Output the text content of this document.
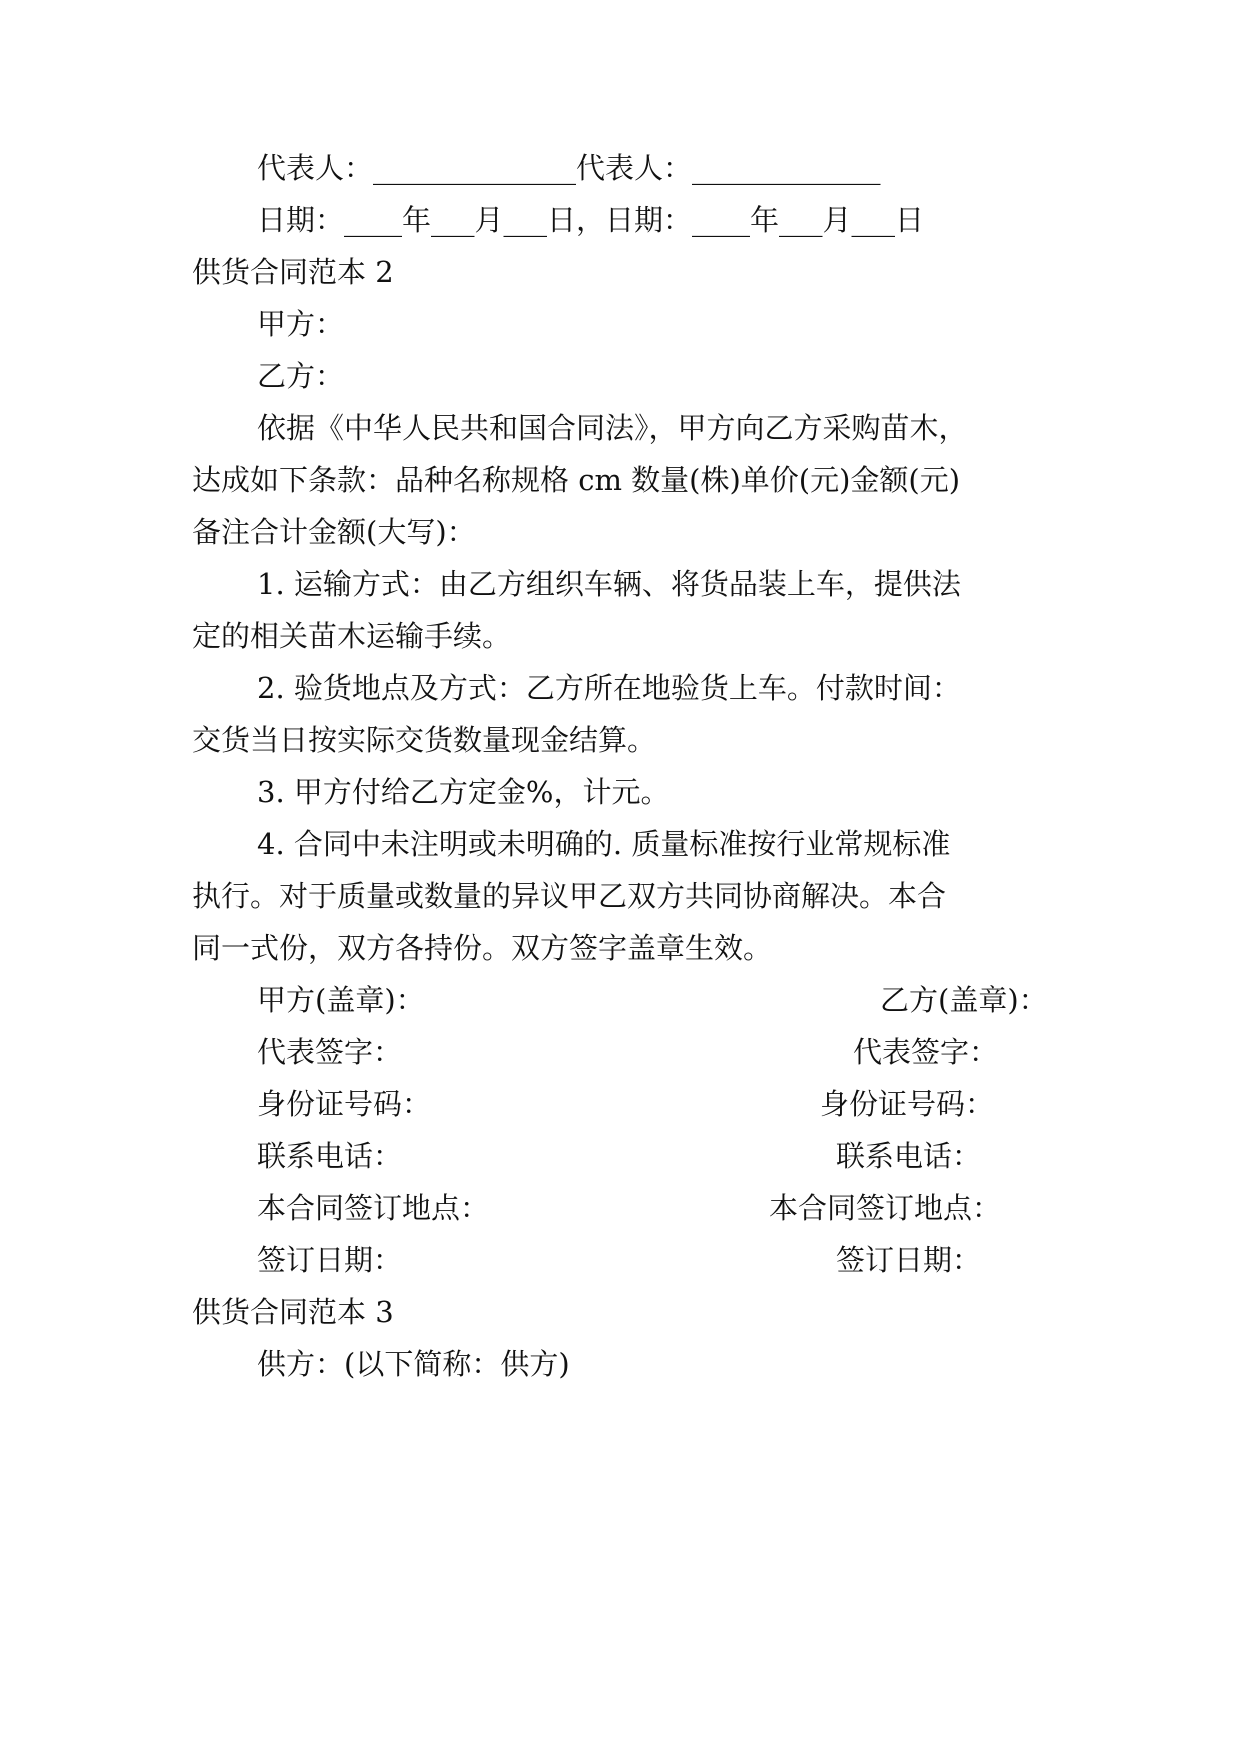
代表人：______________代表人：_____________
日期：____年___月___日，日期：____年___月___日
供货合同范本 2
甲方：
乙方：
依据《中华人民共和国合同法》，甲方向乙方采购苗木，
达成如下条款：品种名称规格 cm 数量(株)单价(元)金额(元)
备注合计金额(大写)：
1. 运输方式：由乙方组织车辆、将货品装上车，提供法
定的相关苗木运输手续。
2. 验货地点及方式：乙方所在地验货上车。付款时间：
交货当日按实际交货数量现金结算。
3. 甲方付给乙方定金%，计元。
4. 合同中未注明或未明确的. 质量标准按行业常规标准
执行。对于质量或数量的异议甲乙双方共同协商解决。本合
同一式份，双方各持份。双方签字盖章生效。
甲方(盖章)：
代表签字：
身份证号码：
联系电话：
本合同签订地点：
签订日期：
乙方(盖章)：
代表签字：
身份证号码：
联系电话：
本合同签订地点：
签订日期：
供货合同范本 3
供方：(以下简称：供方)
